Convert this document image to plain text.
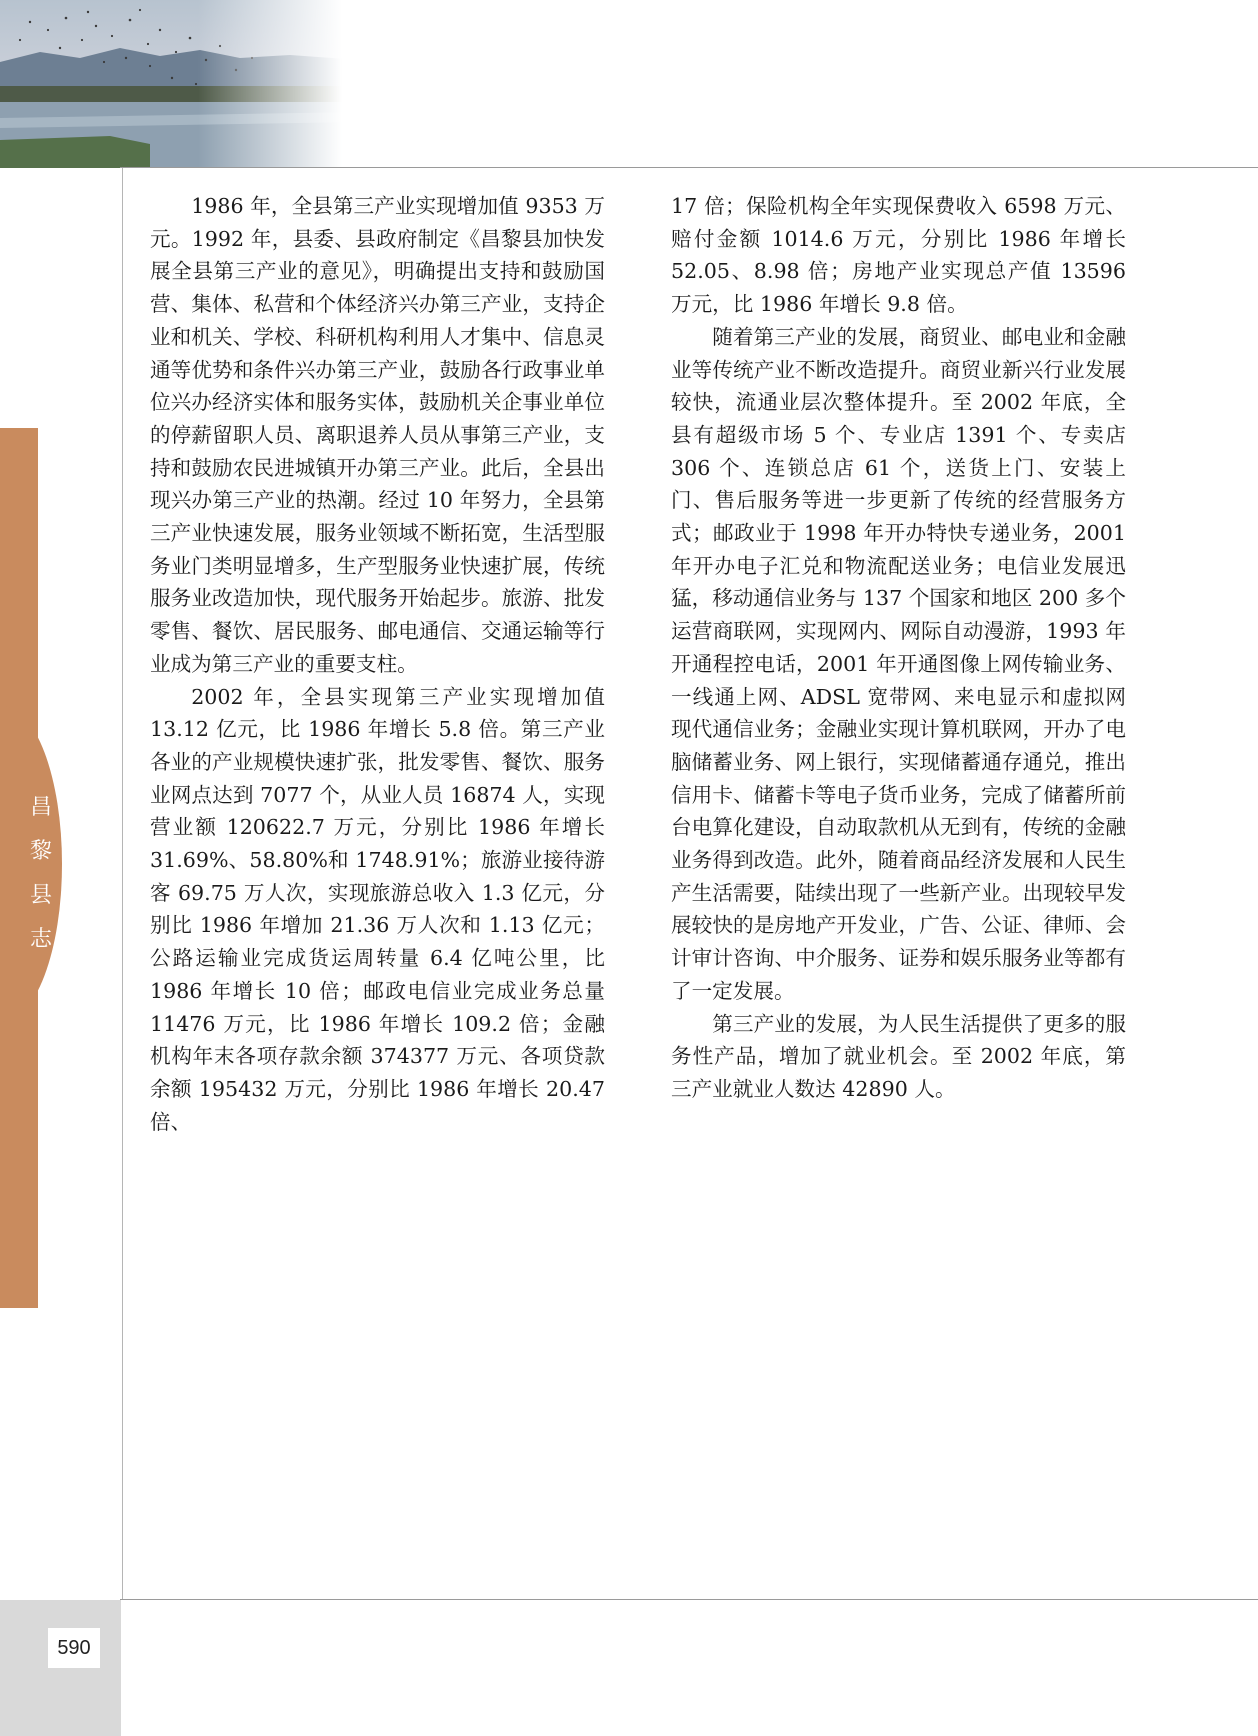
昌
黎
县
志

1986 年，全县第三产业实现增加值 9353 万元。1992 年，县委、县政府制定《昌黎县加快发展全县第三产业的意见》，明确提出支持和鼓励国营、集体、私营和个体经济兴办第三产业，支持企业和机关、学校、科研机构利用人才集中、信息灵通等优势和条件兴办第三产业，鼓励各行政事业单位兴办经济实体和服务实体，鼓励机关企事业单位的停薪留职人员、离职退养人员从事第三产业，支持和鼓励农民进城镇开办第三产业。此后，全县出现兴办第三产业的热潮。经过 10 年努力，全县第三产业快速发展，服务业领域不断拓宽，生活型服务业门类明显增多，生产型服务业快速扩展，传统服务业改造加快，现代服务开始起步。旅游、批发零售、餐饮、居民服务、邮电通信、交通运输等行业成为第三产业的重要支柱。

2002 年，全县实现第三产业实现增加值 13.12 亿元，比 1986 年增长 5.8 倍。第三产业各业的产业规模快速扩张，批发零售、餐饮、服务业网点达到 7077 个，从业人员 16874 人，实现营业额 120622.7 万元，分别比 1986 年增长 31.69%、58.80%和 1748.91%；旅游业接待游客 69.75 万人次，实现旅游总收入 1.3 亿元，分别比 1986 年增加 21.36 万人次和 1.13 亿元；公路运输业完成货运周转量 6.4 亿吨公里，比 1986 年增长 10 倍；邮政电信业完成业务总量 11476 万元，比 1986 年增长 109.2 倍；金融机构年末各项存款余额 374377 万元、各项贷款余额 195432 万元，分别比 1986 年增长 20.47 倍、

17 倍；保险机构全年实现保费收入 6598 万元、赔付金额 1014.6 万元，分别比 1986 年增长 52.05、8.98 倍；房地产业实现总产值 13596 万元，比 1986 年增长 9.8 倍。

随着第三产业的发展，商贸业、邮电业和金融业等传统产业不断改造提升。商贸业新兴行业发展较快，流通业层次整体提升。至 2002 年底，全县有超级市场 5 个、专业店 1391 个、专卖店 306 个、连锁总店 61 个，送货上门、安装上门、售后服务等进一步更新了传统的经营服务方式；邮政业于 1998 年开办特快专递业务，2001 年开办电子汇兑和物流配送业务；电信业发展迅猛，移动通信业务与 137 个国家和地区 200 多个运营商联网，实现网内、网际自动漫游，1993 年开通程控电话，2001 年开通图像上网传输业务、一线通上网、ADSL 宽带网、来电显示和虚拟网现代通信业务；金融业实现计算机联网，开办了电脑储蓄业务、网上银行，实现储蓄通存通兑，推出信用卡、储蓄卡等电子货币业务，完成了储蓄所前台电算化建设，自动取款机从无到有，传统的金融业务得到改造。此外，随着商品经济发展和人民生产生活需要，陆续出现了一些新产业。出现较早发展较快的是房地产开发业，广告、公证、律师、会计审计咨询、中介服务、证券和娱乐服务业等都有了一定发展。

第三产业的发展，为人民生活提供了更多的服务性产品，增加了就业机会。至 2002 年底，第三产业就业人数达 42890 人。

590
